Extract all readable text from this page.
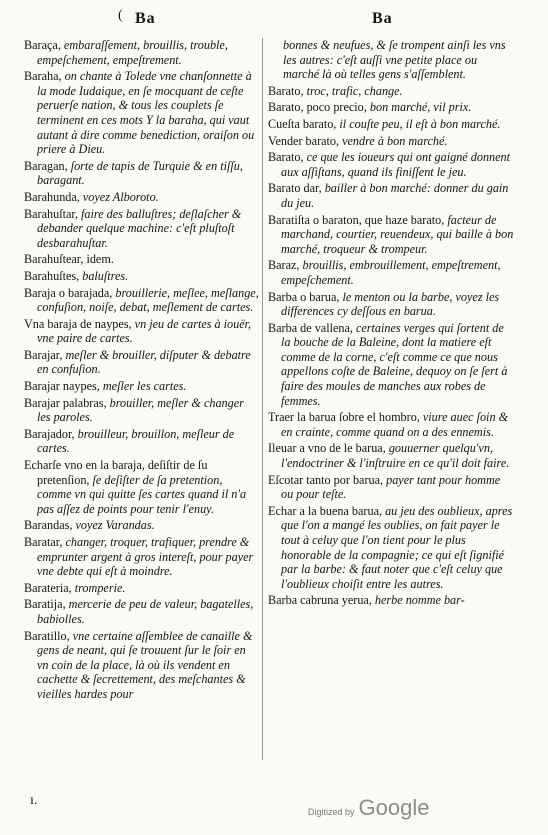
( Ba	Ba
Baraça, embaraſſement, brouillis, trouble, empeſchement, empeſtrement.
Baraha, on chante à Tolede vne chanſonnette à la mode Iudaique, en ſe mocquant de ceſte peruerſe nation, & tous les couplets ſe terminent en ces mots Y la baraha, qui vaut autant à dire comme benediction, oraiſon ou priere à Dieu.
Baragan, ſorte de tapis de Turquie & en tiſſu, baragant.
Barahunda, voyez Alboroto.
Barahuſtar, faire des balluſtres; deſlaſcher & debander quelque machine: c'eſt pluſtoſt desbarahuſtar.
Barahuſtear, idem.
Barahuſtes, baluſtres.
Baraja o barajada, brouillerie, meſlee, meſlange, confuſion, noiſe, debat, meſlement de cartes.
Vna baraja de naypes, vn jeu de cartes à iouër, vne paire de cartes.
Barajar, meſler & brouiller, diſputer & debatre en confuſion.
Barajar naypes, meſler les cartes.
Barajar palabras, brouiller, meſler & changer les paroles.
Barajador, brouilleur, brouillon, meſleur de cartes.
Echarſe vno en la baraja, deſiſtir de ſu pretenſion, ſe deſiſter de ſa pretention, comme vn qui quitte ſes cartes quand il n'a pas aſſez de points pour tenir l'enuy.
Barandas, voyez Varandas.
Baratar, changer, troquer, trafiquer, prendre & emprunter argent à gros intereſt, pour payer vne debte qui eſt à moindre.
Barateria, tromperie.
Baratija, mercerie de peu de valeur, bagatelles, babiolles.
Baratillo, vne certaine aſſemblee de canaille & gens de neant, qui ſe trouuent ſur le ſoir en vn coin de la place, là où ils vendent en cachette & ſecrettement, des meſchantes & vieilles hardes pour
bonnes & neufues, & ſe trompent ainſi les vns les autres: c'eſt auſſi vne petite place ou marché là où telles gens s'aſſemblent.
Barato, troc, trafic, change.
Barato, poco precio, bon marché, vil prix.
Cueſta barato, il couſte peu, il eſt à bon marché.
Vender barato, vendre à bon marché.
Barato, ce que les ioueurs qui ont gaigné donnent aux aſſiſtans, quand ils finiſſent le jeu.
Barato dar, bailler à bon marché: donner du gain du jeu.
Baratiſta o baraton, que haze barato, facteur de marchand, courtier, reuendeux, qui baille à bon marché, troqueur & trompeur.
Baraz, brouillis, embrouillement, empeſtrement, empeſchement.
Barba o barua, le menton ou la barbe, voyez les differences cy deſſous en barua.
Barba de vallena, certaines verges qui ſortent de la bouche de la Baleine, dont la matiere eſt comme de la corne, c'eſt comme ce que nous appellons coſte de Baleine, dequoy on ſe ſert à faire des moules de manches aux robes de femmes.
Traer la barua ſobre el hombro, viure auec ſoin & en crainte, comme quand on a des ennemis.
Ileuar a vno de le barua, gouuerner quelqu'vn, l'endoctriner & l'inſtruire en ce qu'il doit faire.
Eſcotar tanto por barua, payer tant pour homme ou pour teſte.
Echar a la buena barua, au jeu des oublieux, apres que l'on a mangé les oublies, on fait payer le tout à celuy que l'on tient pour le plus honorable de la compagnie; ce qui eſt ſignifié par la barbe: & faut noter que c'eſt celuy que l'oublieux choiſit entre les autres.
Barba cabruna yerua, herbe nomme bar-
ı.
Digitized by Google
